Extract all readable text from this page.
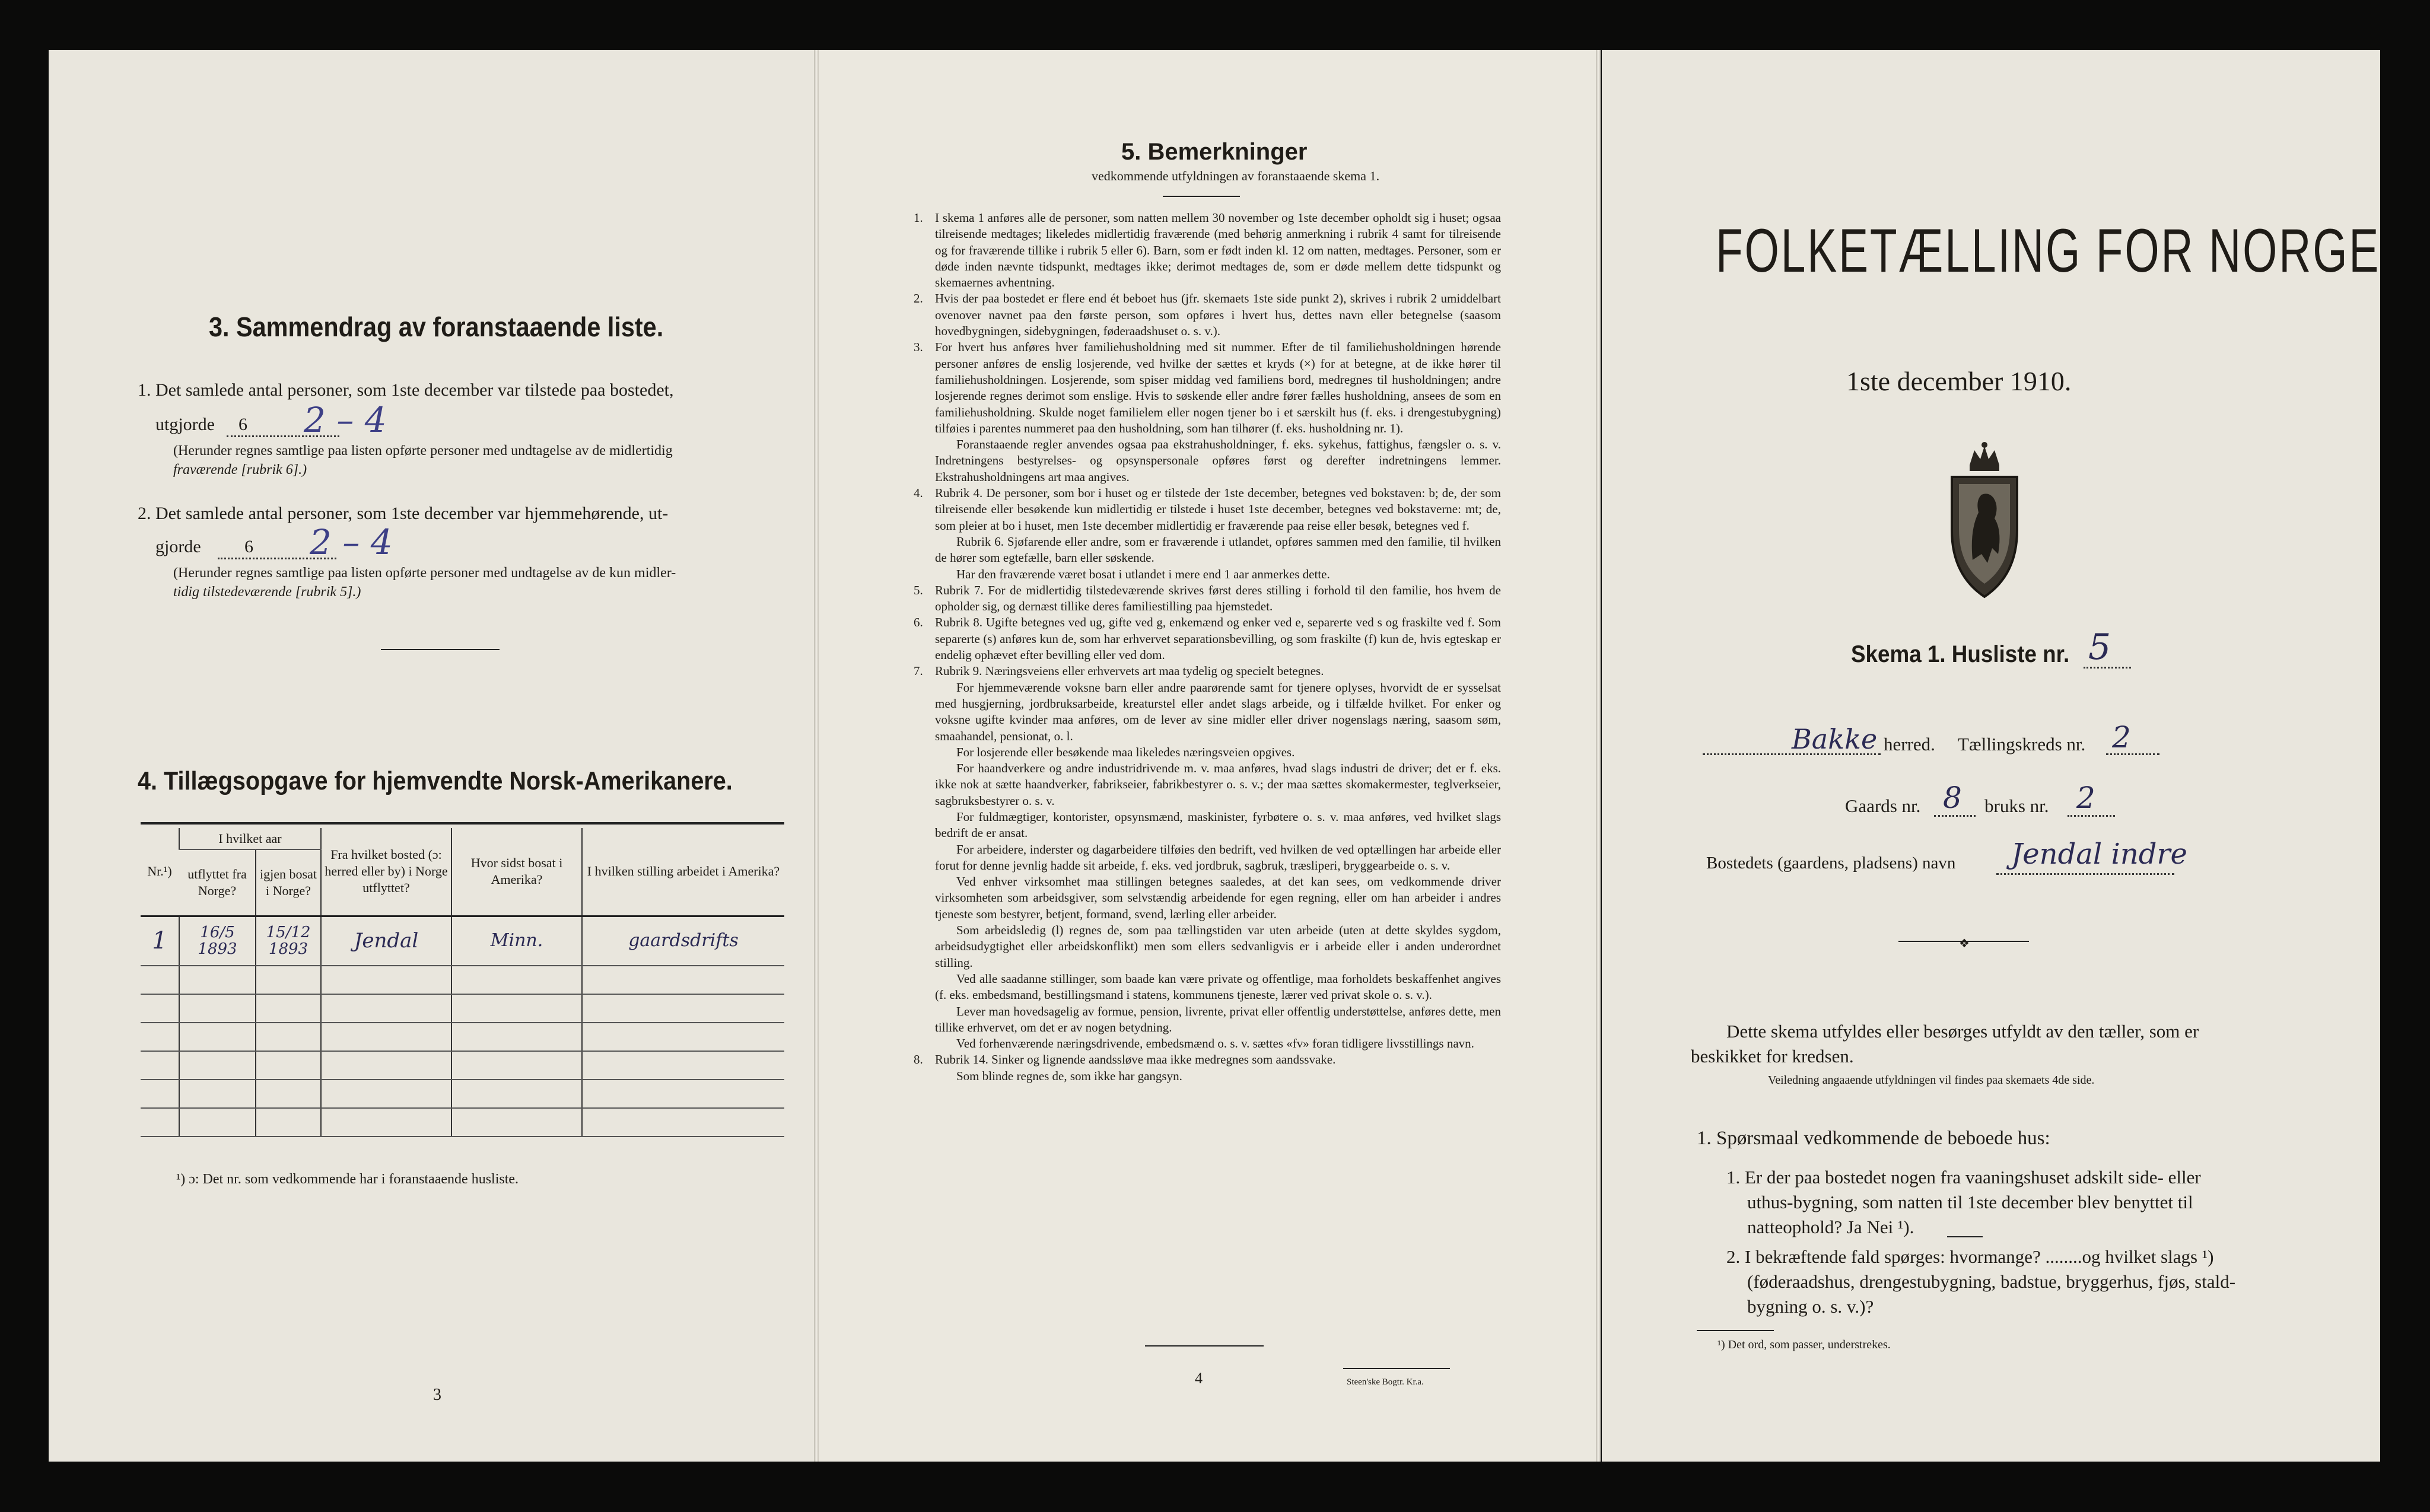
3. Sammendrag av foranstaaende liste.
1. Det samlede antal personer, som 1ste december var tilstede paa bostedet,
utgjorde 6 2 – 4
(Herunder regnes samtlige paa listen opførte personer med undtagelse av de midlertidig
fraværende [rubrik 6].)
2. Det samlede antal personer, som 1ste december var hjemmehørende, ut-
gjorde 6 2 – 4
(Herunder regnes samtlige paa listen opførte personer med undtagelse av de kun midler-
tidig tilstedeværende [rubrik 5].)
4. Tillægsopgave for hjemvendte Norsk-Amerikanere.
Nr.¹)	I hvilket aar		Fra hvilket bosted (ɔ: herred eller by) i Norge utflyttet?	Hvor sidst bosat i Amerika?	I hvilken stilling arbeidet i Amerika?
	utflyttet fra Norge?	igjen bosat i Norge?			
1	16/5 1893	15/12 1893	Jendal	Minn.	gaardsdrifts

¹) ɔ: Det nr. som vedkommende har i foranstaaende husliste.
3
5. Bemerkninger
vedkommende utfyldningen av foranstaaende skema 1.

1. I skema 1 anføres alle de personer, som natten mellem 30 november og 1ste december opholdt sig i huset; ogsaa tilreisende medtages; likeledes midlertidig fraværende (med behørig anmerkning i rubrik 4 samt for tilreisende og for fraværende tillike i rubrik 5 eller 6). Barn, som er født inden kl. 12 om natten, medtages. Personer, som er døde inden nævnte tidspunkt, medtages ikke; derimot medtages de, som er døde mellem dette tidspunkt og skemaernes avhentning.

2. Hvis der paa bostedet er flere end ét beboet hus (jfr. skemaets 1ste side punkt 2), skrives i rubrik 2 umiddelbart ovenover navnet paa den første person, som opføres i hvert hus, dettes navn eller betegnelse (saasom hovedbygningen, sidebygningen, føderaadshuset o. s. v.).

3. For hvert hus anføres hver familiehusholdning med sit nummer. Efter de til familiehusholdningen hørende personer anføres de enslig losjerende, ved hvilke der sættes et kryds (×) for at betegne, at de ikke hører til familiehusholdningen. Losjerende, som spiser middag ved familiens bord, medregnes til husholdningen; andre losjerende regnes derimot som enslige. Hvis to søskende eller andre fører fælles husholdning, ansees de som en familiehusholdning. Skulde noget familielem eller nogen tjener bo i et særskilt hus (f. eks. i drengestubygning) tilføies i parentes nummeret paa den husholdning, som han tilhører (f. eks. husholdning nr. 1).

Foranstaaende regler anvendes ogsaa paa ekstrahusholdninger, f. eks. sykehus, fattighus, fængsler o. s. v. Indretningens bestyrelses- og opsynspersonale opføres først og derefter indretningens lemmer. Ekstrahusholdningens art maa angives.

4. Rubrik 4. De personer, som bor i huset og er tilstede der 1ste december, betegnes ved bokstaven: b; de, der som tilreisende eller besøkende kun midlertidig er tilstede i huset 1ste december, betegnes ved bokstaverne: mt; de, som pleier at bo i huset, men 1ste december midlertidig er fraværende paa reise eller besøk, betegnes ved f.

Rubrik 6. Sjøfarende eller andre, som er fraværende i utlandet, opføres sammen med den familie, til hvilken de hører som egtefælle, barn eller søskende.

Har den fraværende været bosat i utlandet i mere end 1 aar anmerkes dette.

5. Rubrik 7. For de midlertidig tilstedeværende skrives først deres stilling i forhold til den familie, hos hvem de opholder sig, og dernæst tillike deres familiestilling paa hjemstedet.

6. Rubrik 8. Ugifte betegnes ved ug, gifte ved g, enkemænd og enker ved e, separerte ved s og fraskilte ved f. Som separerte (s) anføres kun de, som har erhvervet separationsbevilling, og som fraskilte (f) kun de, hvis egteskap er endelig ophævet efter bevilling eller ved dom.

7. Rubrik 9. Næringsveiens eller erhvervets art maa tydelig og specielt betegnes.

For hjemmeværende voksne barn eller andre paarørende samt for tjenere oplyses, hvorvidt de er sysselsat med husgjerning, jordbruksarbeide, kreaturstel eller andet slags arbeide, og i tilfælde hvilket. For enker og voksne ugifte kvinder maa anføres, om de lever av sine midler eller driver nogenslags næring, saasom søm, smaahandel, pensionat, o. l.

For losjerende eller besøkende maa likeledes næringsveien opgives.

For haandverkere og andre industridrivende m. v. maa anføres, hvad slags industri de driver; det er f. eks. ikke nok at sætte haandverker, fabrikseier, fabrikbestyrer o. s. v.; der maa sættes skomakermester, teglverkseier, sagbruksbestyrer o. s. v.

For fuldmægtiger, kontorister, opsynsmænd, maskinister, fyrbøtere o. s. v. maa anføres, ved hvilket slags bedrift de er ansat.

For arbeidere, inderster og dagarbeidere tilføies den bedrift, ved hvilken de ved optællingen har arbeide eller forut for denne jevnlig hadde sit arbeide, f. eks. ved jordbruk, sagbruk, træsliperi, bryggearbeide o. s. v.

Ved enhver virksomhet maa stillingen betegnes saaledes, at det kan sees, om vedkommende driver virksomheten som arbeidsgiver, som selvstændig arbeidende for egen regning, eller om han arbeider i andres tjeneste som bestyrer, betjent, formand, svend, lærling eller arbeider.

Som arbeidsledig (l) regnes de, som paa tællingstiden var uten arbeide (uten at dette skyldes sygdom, arbeidsudygtighet eller arbeidskonflikt) men som ellers sedvanligvis er i arbeide eller i anden underordnet stilling.

Ved alle saadanne stillinger, som baade kan være private og offentlige, maa forholdets beskaffenhet angives (f. eks. embedsmand, bestillingsmand i statens, kommunens tjeneste, lærer ved privat skole o. s. v.).

Lever man hovedsagelig av formue, pension, livrente, privat eller offentlig understøttelse, anføres dette, men tillike erhvervet, om det er av nogen betydning.

Ved forhenværende næringsdrivende, embedsmænd o. s. v. sættes «fv» foran tidligere livsstillings navn.

8. Rubrik 14. Sinker og lignende aandssløve maa ikke medregnes som aandssvake.

Som blinde regnes de, som ikke har gangsyn.

4	Steen'ske Bogtr. Kr.a.
FOLKETÆLLING FOR NORGE
1ste december 1910.
Skema 1. Husliste nr. 5
Bakke herred. Tællingskreds nr. 2
Gaards nr. 8 bruks nr. 2
Bostedets (gaardens, pladsens) navn Jendal indre
❖
Dette skema utfyldes eller besørges utfyldt av den tæller, som er
beskikket for kredsen.
Veiledning angaaende utfyldningen vil findes paa skemaets 4de side.
1. Spørsmaal vedkommende de beboede hus:
1. Er der paa bostedet nogen fra vaaningshuset adskilt side- eller
uthus-bygning, som natten til 1ste december blev benyttet til
natteophold? Ja Nei ¹).
2. I bekræftende fald spørges: hvormange? ........og hvilket slags ¹)
(føderaadshus, drengestubygning, badstue, bryggerhus, fjøs, stald-
bygning o. s. v.)?
¹) Det ord, som passer, understrekes.
